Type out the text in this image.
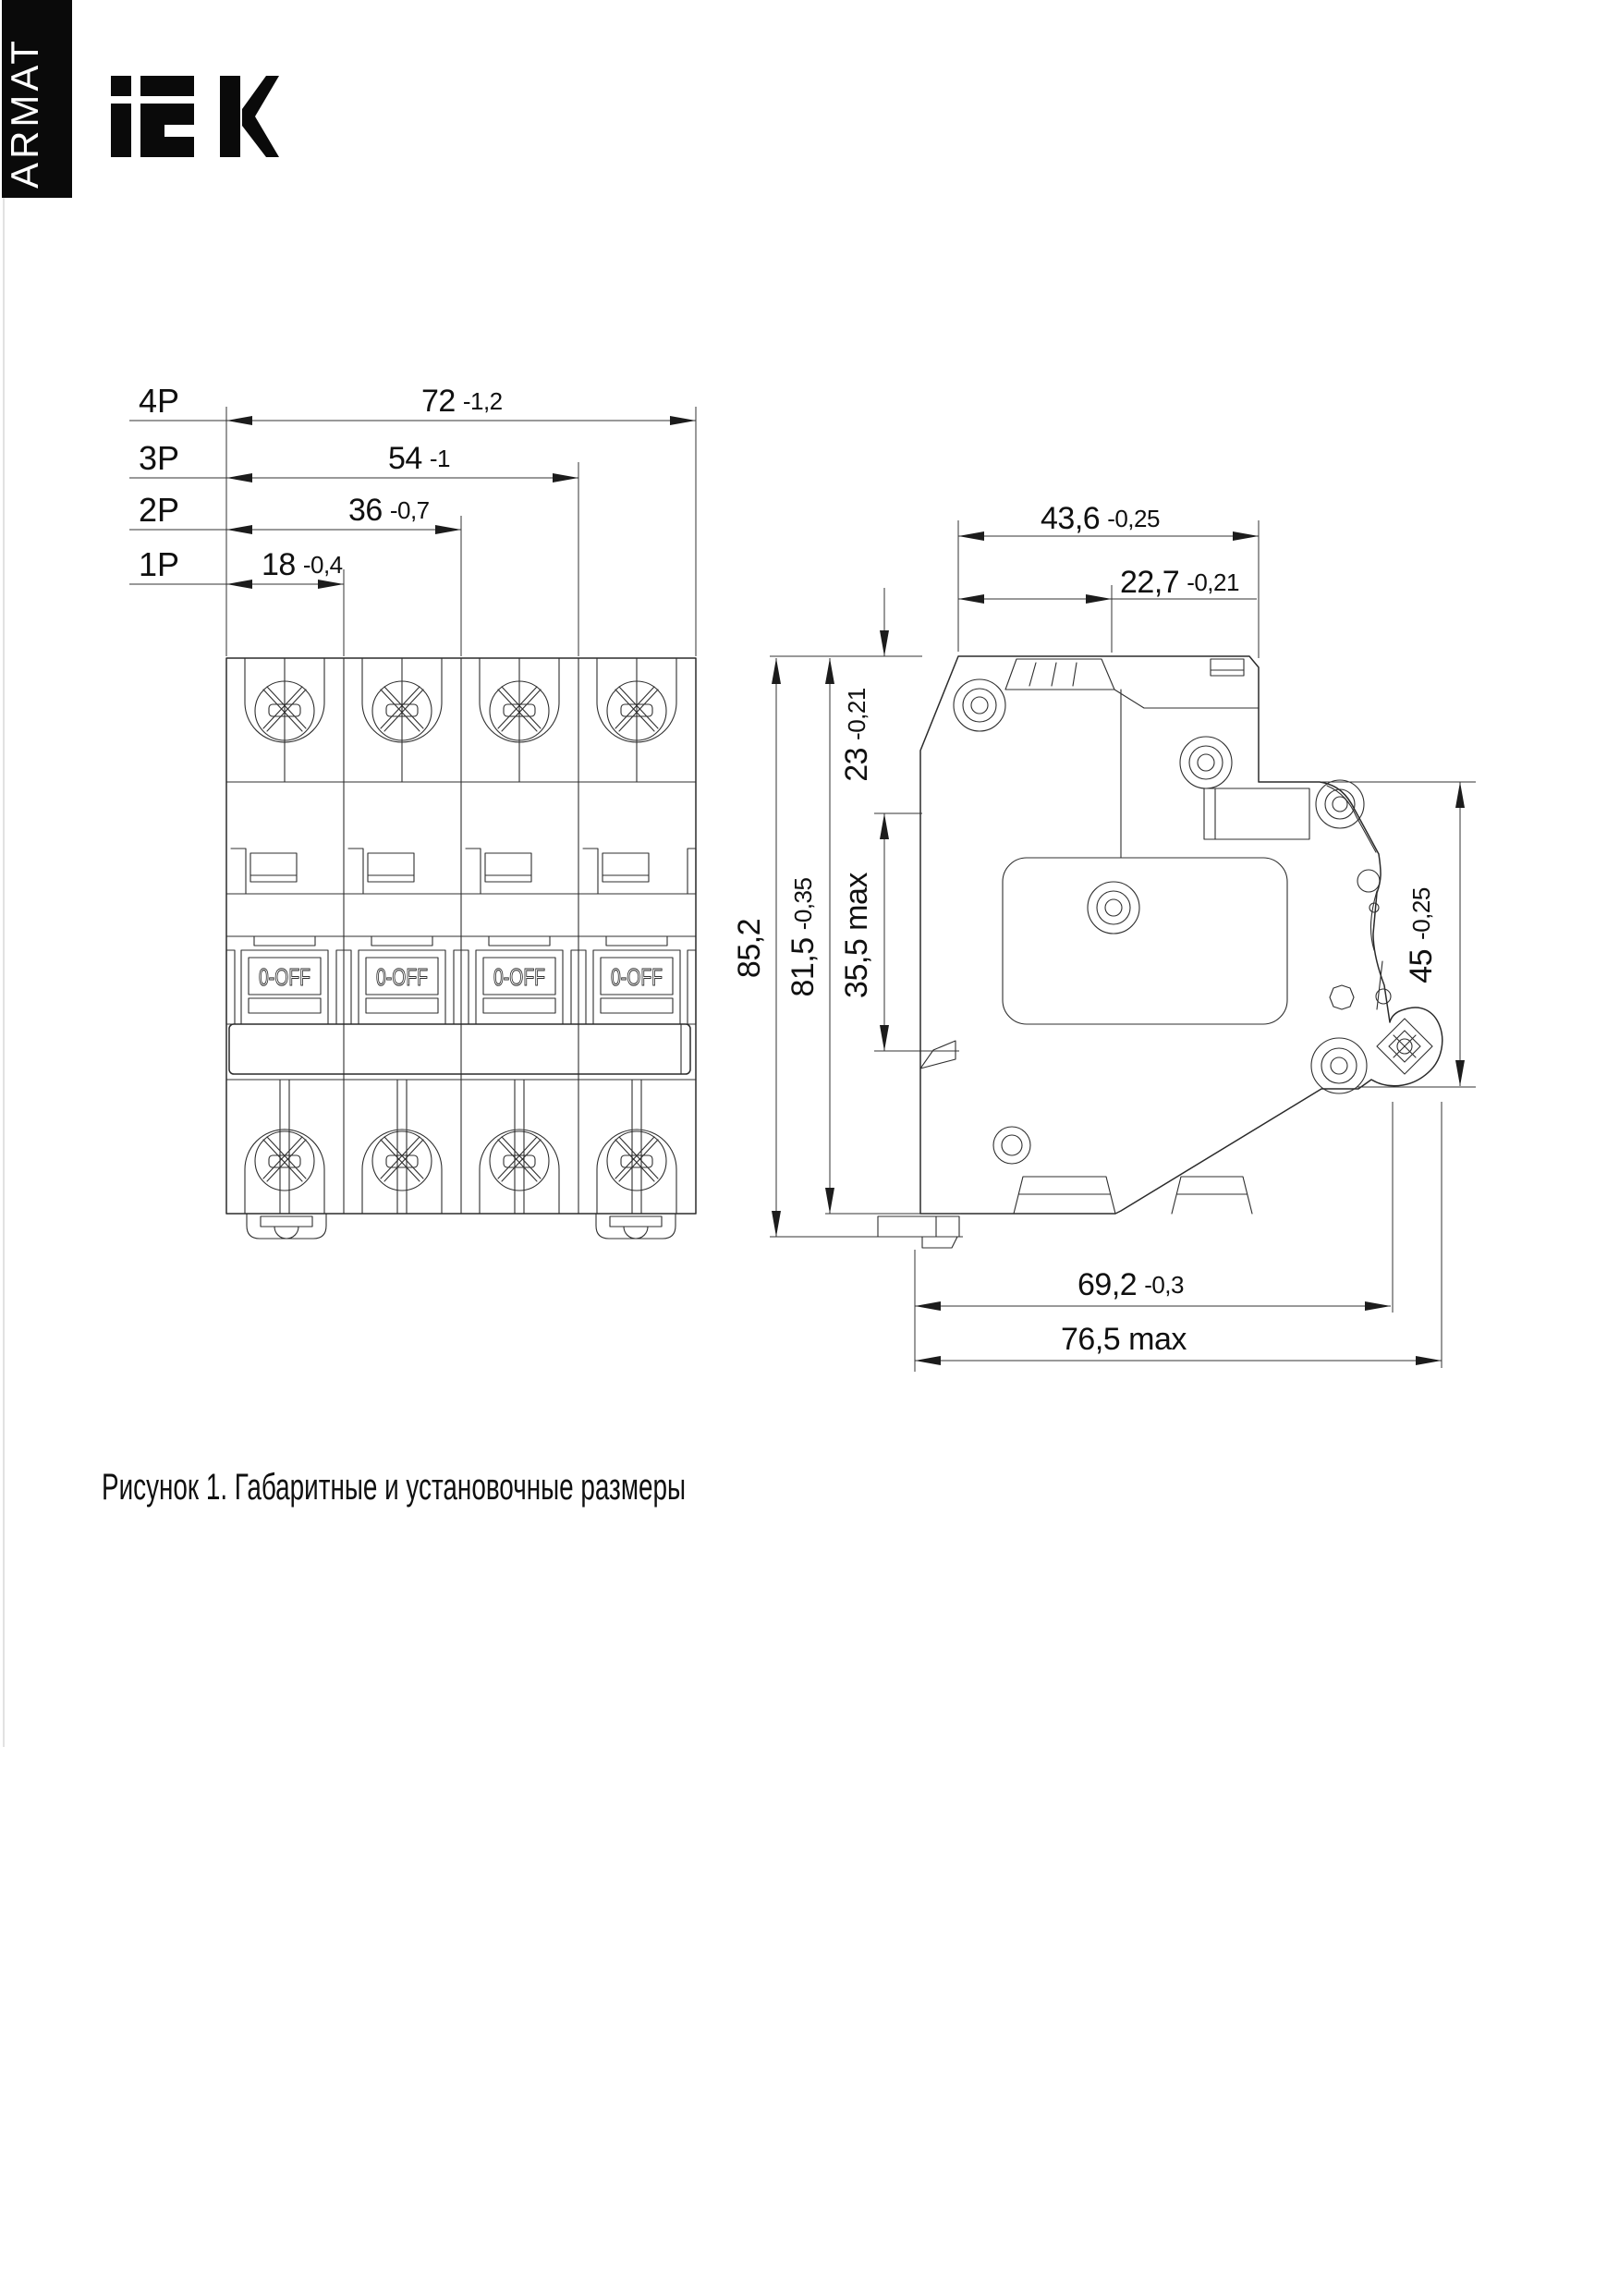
ARMAT
0-OFF	0-OFF	0-OFF	0-OFF
4P	72 -1,2
3P	54 -1
2P	36 -0,7
1P	18 -0,4
43,6 -0,25
22,7 -0,21
23-0,21
35,5 max
81,5-0,35
85,2	45-0,25
69,2 -0,3
76,5 max
Рисунок 1. Габаритные и установочные размеры
